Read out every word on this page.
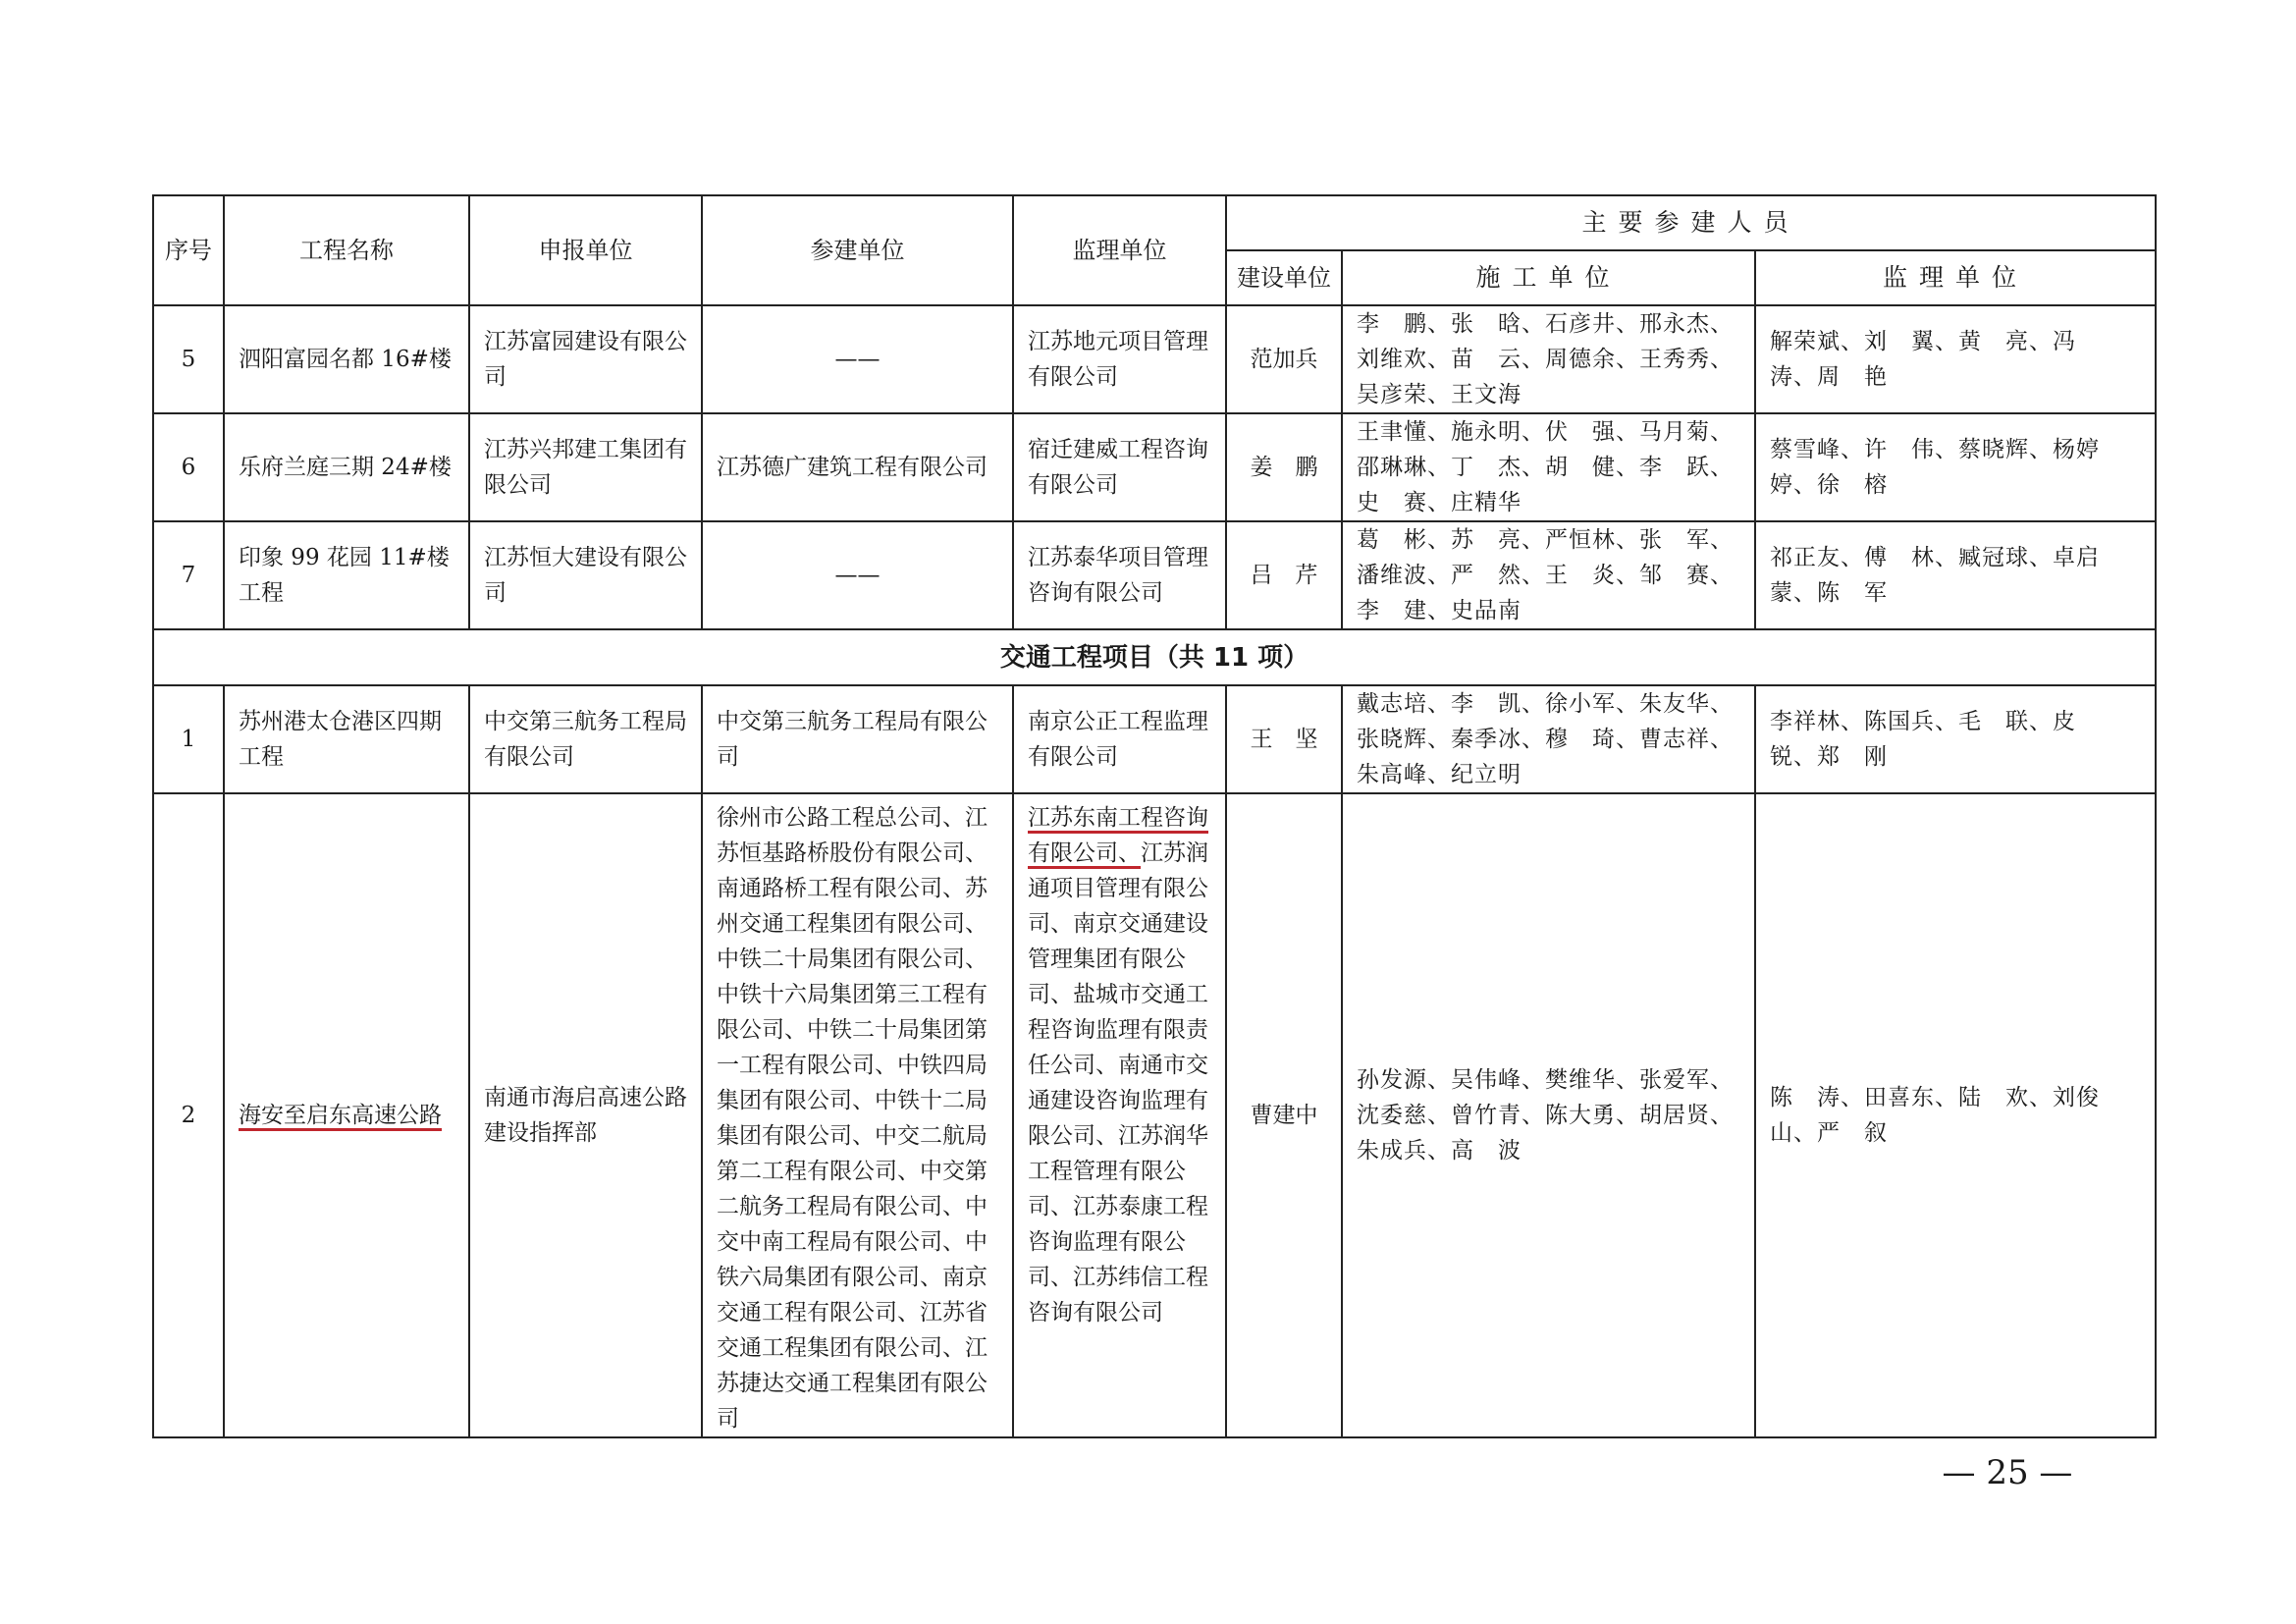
序号	工程名称	申报单位	参建单位	监理单位	主要参建人员		
					建设单位	施工单位	监理单位
5	泗阳富园名都 16#楼	江苏富园建设有限公司	——	江苏地元项目管理有限公司	范加兵	李　鹏、张　晗、石彦井、邢永杰、刘维欢、苗　云、周德余、王秀秀、吴彦荣、王文海	解荣斌、刘　翼、黄　亮、冯　涛、周　艳
6	乐府兰庭三期 24#楼	江苏兴邦建工集团有限公司	江苏德广建筑工程有限公司	宿迁建威工程咨询有限公司	姜　鹏	王聿懂、施永明、伏　强、马月菊、邵琳琳、丁　杰、胡　健、李　跃、史　赛、庄精华	蔡雪峰、许　伟、蔡晓辉、杨婷婷、徐　榕
7	印象 99 花园 11#楼工程	江苏恒大建设有限公司	——	江苏泰华项目管理咨询有限公司	吕　芹	葛　彬、苏　亮、严恒林、张　军、潘维波、严　然、王　炎、邹　赛、李　建、史品南	祁正友、傅　林、臧冠球、卓启蒙、陈　军
交通工程项目（共 11 项）							
1	苏州港太仓港区四期工程	中交第三航务工程局有限公司	中交第三航务工程局有限公司	南京公正工程监理有限公司	王　坚	戴志培、李　凯、徐小军、朱友华、张晓辉、秦季冰、穆　琦、曹志祥、朱高峰、纪立明	李祥林、陈国兵、毛　联、皮　锐、郑　刚
2	海安至启东高速公路	南通市海启高速公路建设指挥部	徐州市公路工程总公司、江苏恒基路桥股份有限公司、南通路桥工程有限公司、苏州交通工程集团有限公司、中铁二十局集团有限公司、中铁十六局集团第三工程有限公司、中铁二十局集团第一工程有限公司、中铁四局集团有限公司、中铁十二局集团有限公司、中交二航局第二工程有限公司、中交第二航务工程局有限公司、中交中南工程局有限公司、中铁六局集团有限公司、南京交通工程有限公司、江苏省交通工程集团有限公司、江苏捷达交通工程集团有限公司	江苏东南工程咨询有限公司、江苏润通项目管理有限公司、南京交通建设管理集团有限公司、盐城市交通工程咨询监理有限责任公司、南通市交通建设咨询监理有限公司、江苏润华工程管理有限公司、江苏泰康工程咨询监理有限公司、江苏纬信工程咨询有限公司	曹建中	孙发源、吴伟峰、樊维华、张爱军、沈委慈、曾竹青、陈大勇、胡居贤、朱成兵、高　波	陈　涛、田喜东、陆　欢、刘俊山、严　叙
— 25 —
